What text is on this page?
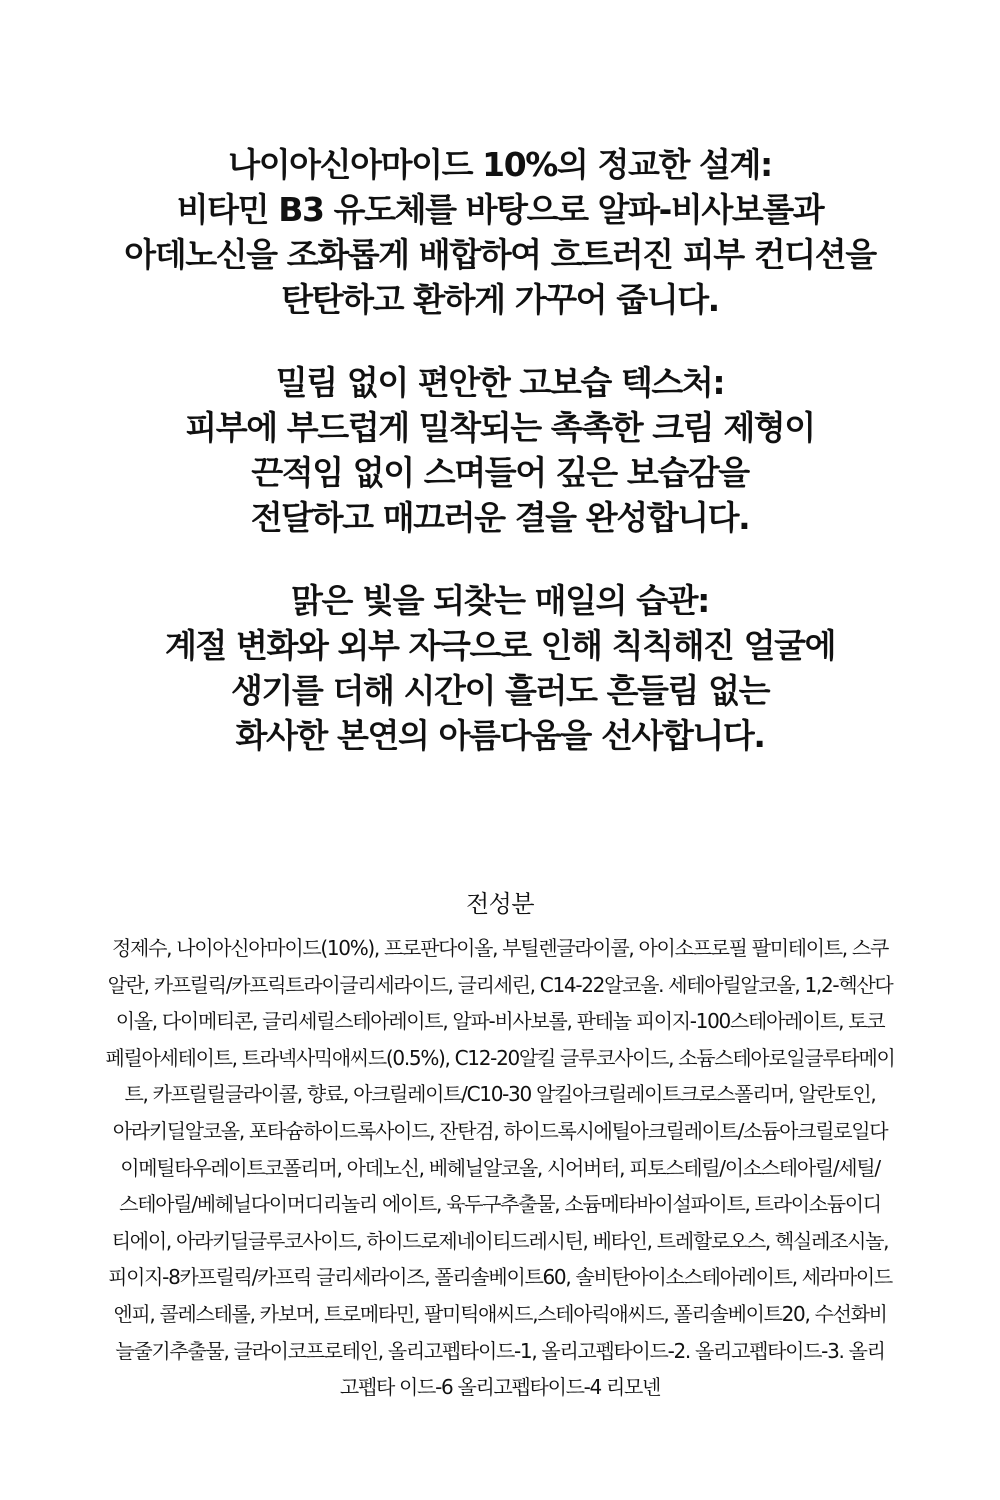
나이아신아마이드 10%의 정교한 설계:
비타민 B3 유도체를 바탕으로 알파-비사보롤과
아데노신을 조화롭게 배합하여 흐트러진 피부 컨디션을
탄탄하고 환하게 가꾸어 줍니다.
밀림 없이 편안한 고보습 텍스처:
피부에 부드럽게 밀착되는 촉촉한 크림 제형이
끈적임 없이 스며들어 깊은 보습감을
전달하고 매끄러운 결을 완성합니다.
맑은 빛을 되찾는 매일의 습관:
계절 변화와 외부 자극으로 인해 칙칙해진 얼굴에
생기를 더해 시간이 흘러도 흔들림 없는
화사한 본연의 아름다움을 선사합니다.
전성분
정제수, 나이아신아마이드(10%), 프로판다이올, 부틸렌글라이콜, 아이소프로필 팔미테이트, 스쿠
알란, 카프릴릭/카프릭트라이글리세라이드, 글리세린, C14-22알코올. 세테아릴알코올, 1,2-헥산다
이올, 다이메티콘, 글리세릴스테아레이트, 알파-비사보롤, 판테놀 피이지-100스테아레이트, 토코
페릴아세테이트, 트라넥사믹애씨드(0.5%), C12-20알킬 글루코사이드, 소듐스테아로일글루타메이
트, 카프릴릴글라이콜, 향료, 아크릴레이트/C10-30 알킬아크릴레이트크로스폴리머, 알란토인,
아라키딜알코올, 포타슘하이드록사이드, 잔탄검, 하이드록시에틸아크릴레이트/소듐아크릴로일다
이메틸타우레이트코폴리머, 아데노신, 베헤닐알코올, 시어버터, 피토스테릴/이소스테아릴/세틸/
스테아릴/베헤닐다이머디리놀리 에이트, 육두구추출물, 소듐메타바이설파이트, 트라이소듐이디
티에이, 아라키딜글루코사이드, 하이드로제네이티드레시틴, 베타인, 트레할로오스, 헥실레조시놀,
피이지-8카프릴릭/카프릭 글리세라이즈, 폴리솔베이트60, 솔비탄아이소스테아레이트, 세라마이드
엔피, 콜레스테롤, 카보머, 트로메타민, 팔미틱애씨드,스테아릭애씨드, 폴리솔베이트20, 수선화비
늘줄기추출물, 글라이코프로테인, 올리고펩타이드-1, 올리고펩타이드-2. 올리고펩타이드-3. 올리
고펩타 이드-6 올리고펩타이드-4 리모넨
